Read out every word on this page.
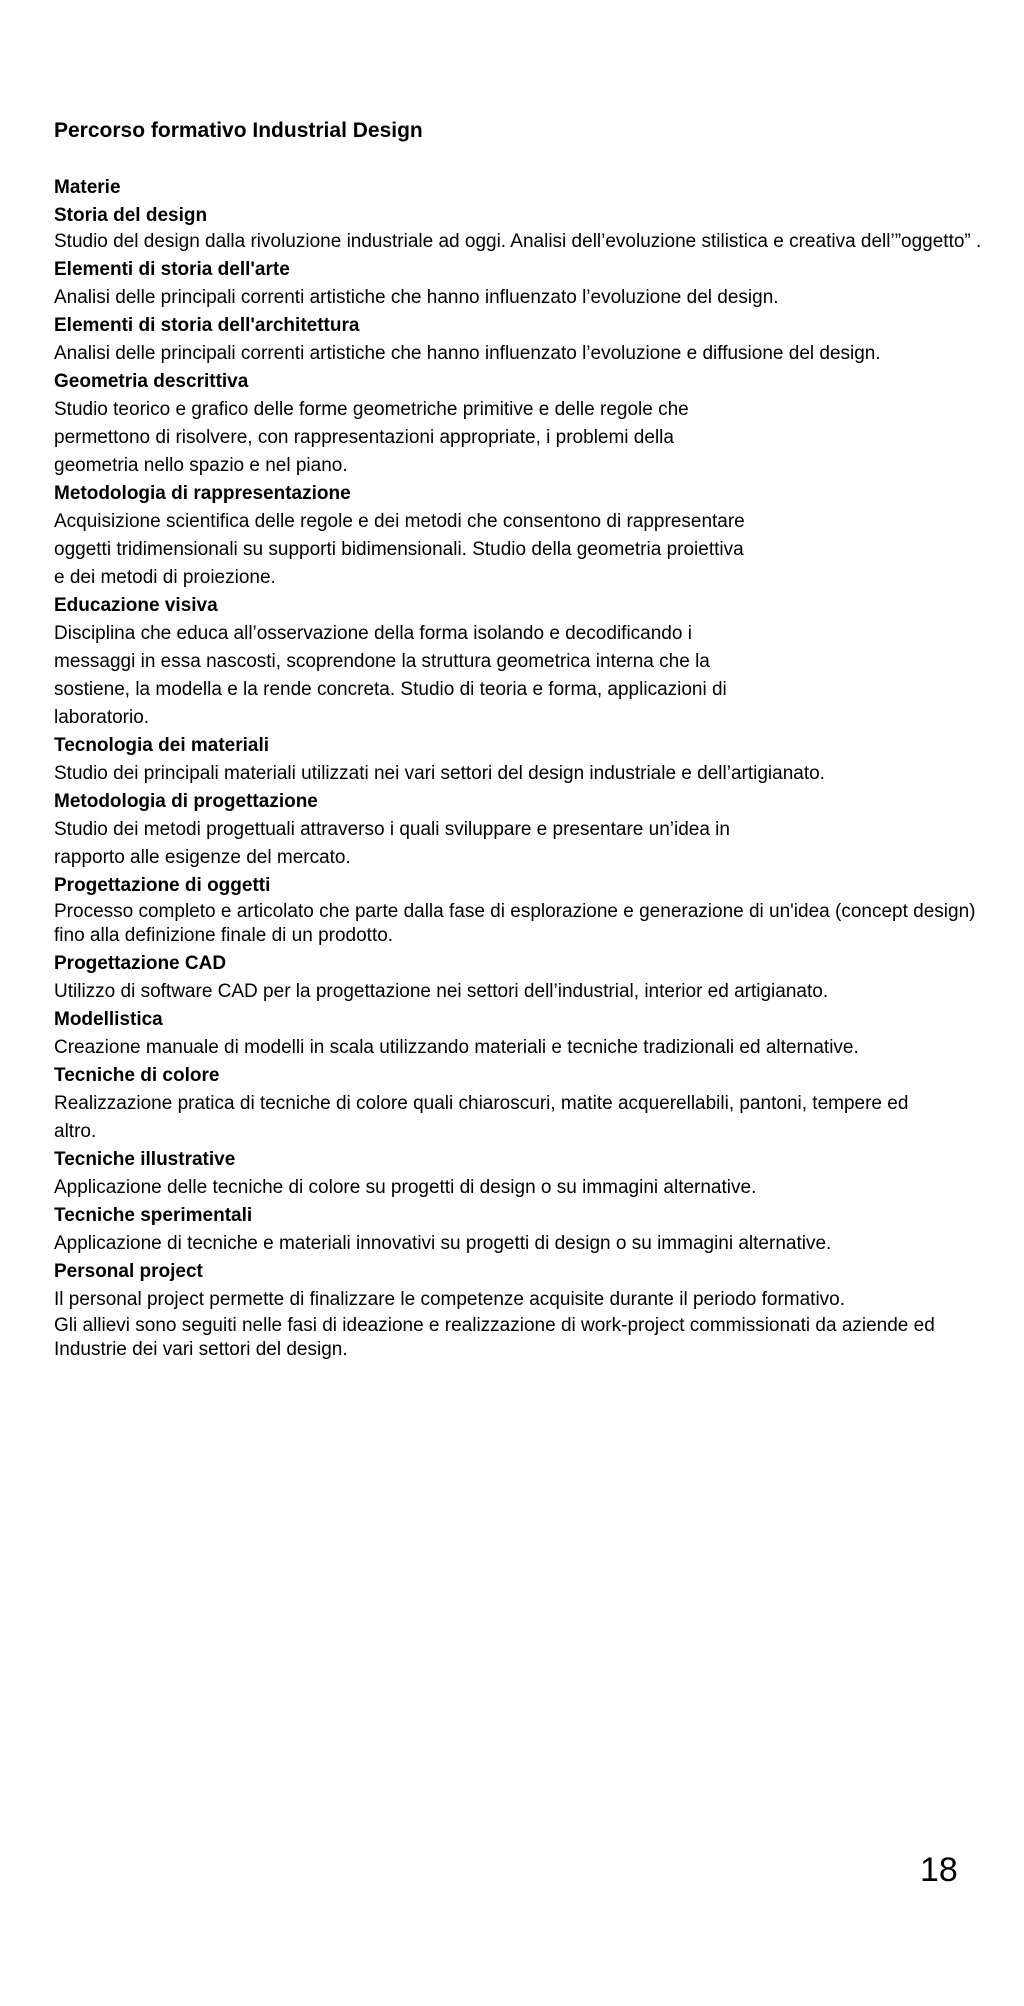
Percorso formativo Industrial Design
Materie
Storia del design

Studio del design dalla rivoluzione industriale ad oggi. Analisi dell’evoluzione stilistica e creativa dell’”oggetto” .

Elementi di storia dell'arte

Analisi delle principali correnti artistiche che hanno influenzato l’evoluzione del design.

Elementi di storia dell'architettura

Analisi delle principali correnti artistiche che hanno influenzato l’evoluzione e diffusione del design.

Geometria descrittiva

Studio teorico e grafico delle forme geometriche primitive e delle regole che

permettono di risolvere, con rappresentazioni appropriate, i problemi della

geometria nello spazio e nel piano.

Metodologia di rappresentazione

Acquisizione scientifica delle regole e dei metodi che consentono di rappresentare

oggetti tridimensionali su supporti bidimensionali. Studio della geometria proiettiva

e dei metodi di proiezione.

Educazione visiva

Disciplina che educa all’osservazione della forma isolando e decodificando i

messaggi in essa nascosti, scoprendone la struttura geometrica interna che la

sostiene, la modella e la rende concreta. Studio di teoria e forma, applicazioni di

laboratorio.

Tecnologia dei materiali

Studio dei principali materiali utilizzati nei vari settori del design industriale e dell’artigianato.

Metodologia di progettazione

Studio dei metodi progettuali attraverso i quali sviluppare e presentare un’idea in

rapporto alle esigenze del mercato.

Progettazione di oggetti

Processo completo e articolato che parte dalla fase di esplorazione e generazione di un'idea (concept design) fino alla definizione finale di un prodotto.

Progettazione CAD

Utilizzo di software CAD per la progettazione nei settori dell’industrial, interior ed artigianato.

Modellistica

Creazione manuale di modelli in scala utilizzando materiali e tecniche tradizionali ed alternative.

Tecniche di colore

Realizzazione pratica di tecniche di colore quali chiaroscuri, matite acquerellabili, pantoni, tempere ed

altro.

Tecniche illustrative

Applicazione delle tecniche di colore su progetti di design o su immagini alternative.

Tecniche sperimentali

Applicazione di tecniche e materiali innovativi su progetti di design o su immagini alternative.

Personal project

Il personal project permette di finalizzare le competenze acquisite durante il periodo formativo.

Gli allievi sono seguiti nelle fasi di ideazione e realizzazione di work-project commissionati da aziende ed Industrie dei vari settori del design.

18
